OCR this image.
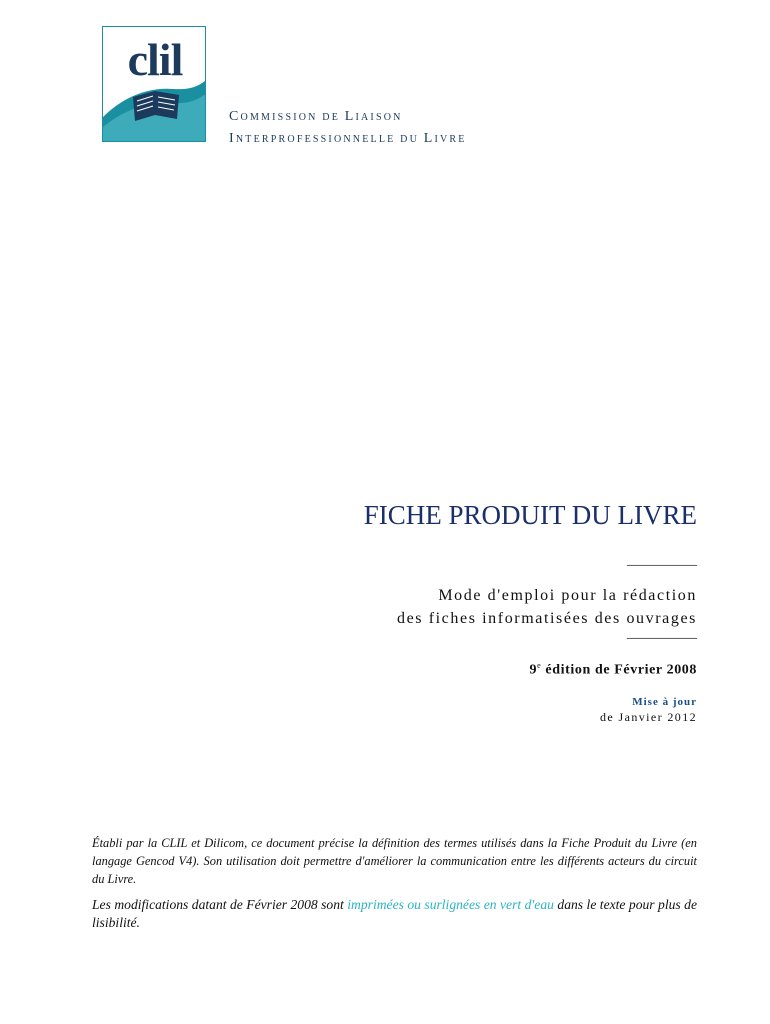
clil
COMMISSION DE LIAISON
INTERPROFESSIONNELLE DU LIVRE
FICHE PRODUIT DU LIVRE
__________
Mode d'emploi pour la rédaction
des fiches informatisées des ouvrages
__________
9e édition de Février 2008
Mise à jour
de Janvier 2012
Établi par la CLIL et Dilicom, ce document précise la définition des termes utilisés dans la Fiche Produit du Livre (en langage Gencod V4). Son utilisation doit permettre d'améliorer la communication entre les différents acteurs du circuit du Livre.
Les modifications datant de Février 2008 sont imprimées ou surlignées en vert d'eau dans le texte pour plus de lisibilité.
